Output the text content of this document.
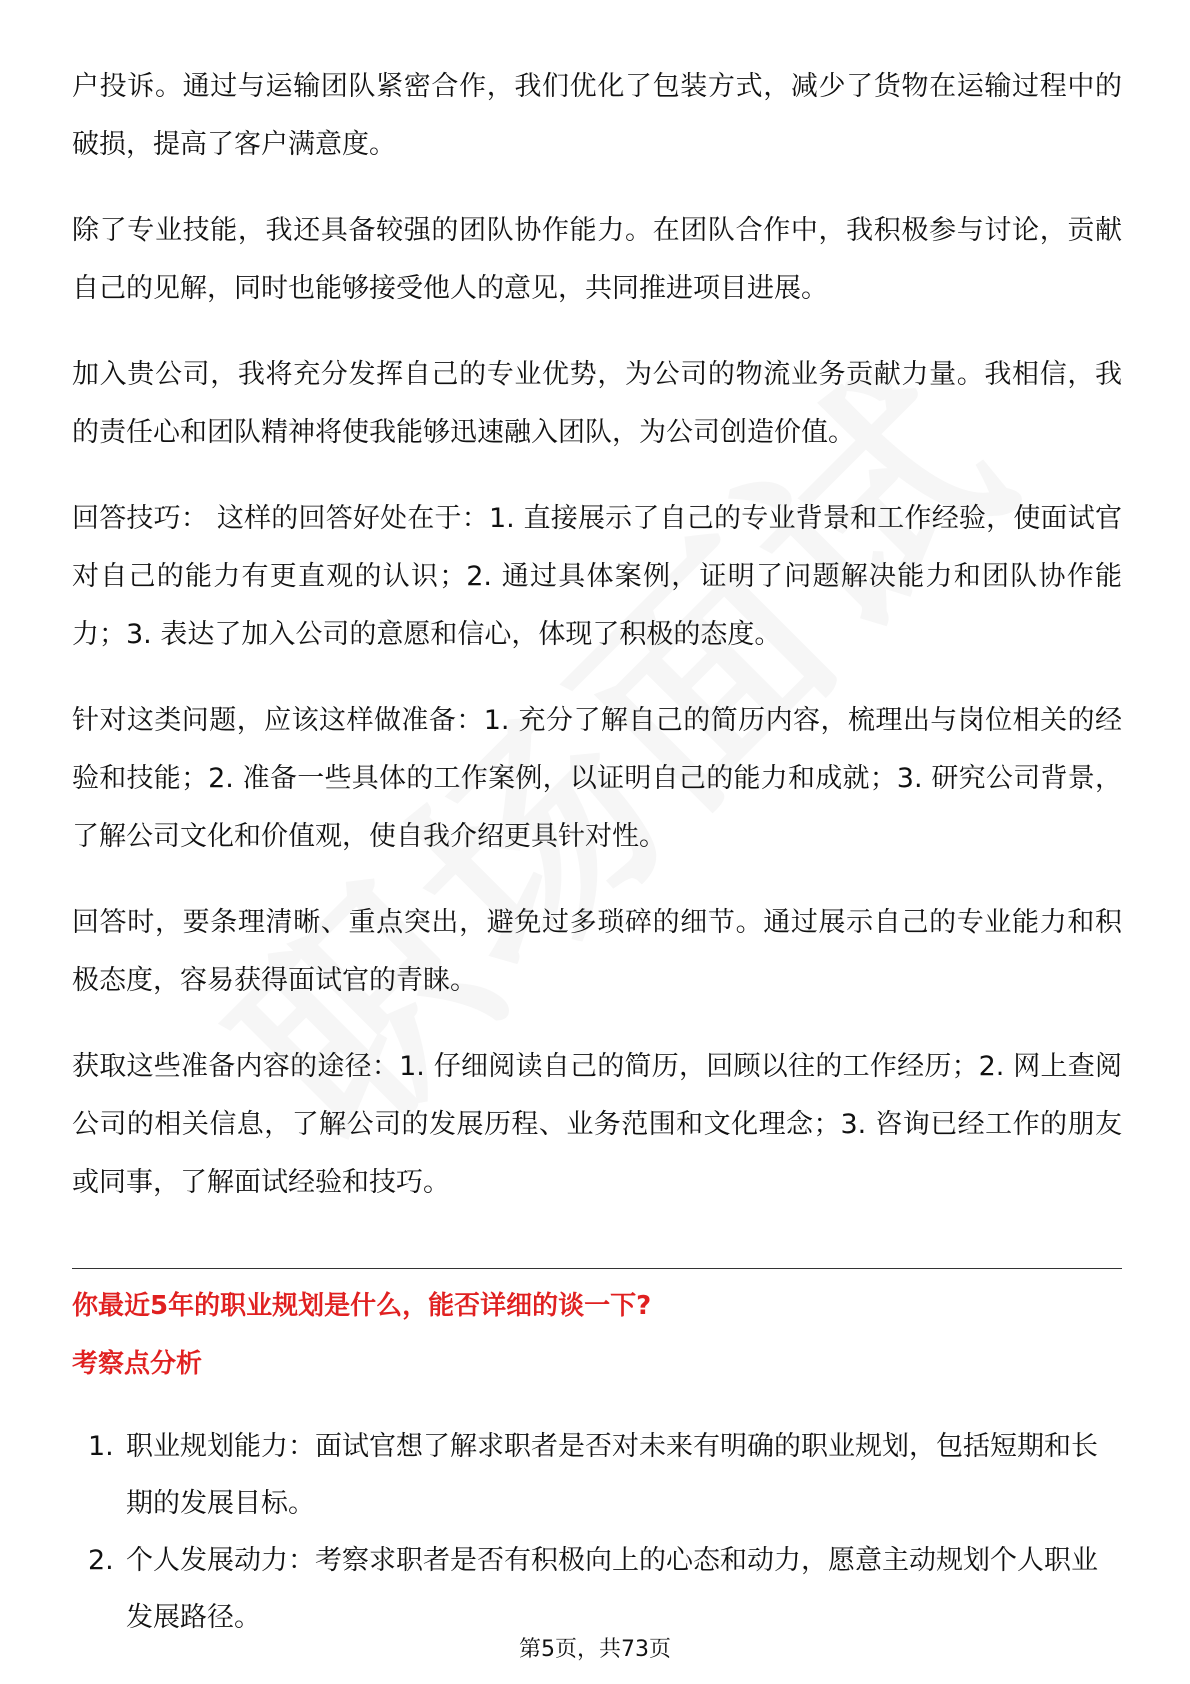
户投诉。通过与运输团队紧密合作，我们优化了包装方式，减少了货物在运输过程中的破损，提高了客户满意度。

除了专业技能，我还具备较强的团队协作能力。在团队合作中，我积极参与讨论，贡献自己的见解，同时也能够接受他人的意见，共同推进项目进展。

加入贵公司，我将充分发挥自己的专业优势，为公司的物流业务贡献力量。我相信，我的责任心和团队精神将使我能够迅速融入团队，为公司创造价值。

回答技巧： 这样的回答好处在于：1. 直接展示了自己的专业背景和工作经验，使面试官对自己的能力有更直观的认识；2. 通过具体案例，证明了问题解决能力和团队协作能力；3. 表达了加入公司的意愿和信心，体现了积极的态度。

针对这类问题，应该这样做准备：1. 充分了解自己的简历内容，梳理出与岗位相关的经验和技能；2. 准备一些具体的工作案例，以证明自己的能力和成就；3. 研究公司背景，了解公司文化和价值观，使自我介绍更具针对性。

回答时，要条理清晰、重点突出，避免过多琐碎的细节。通过展示自己的专业能力和积极态度，容易获得面试官的青睐。

获取这些准备内容的途径：1. 仔细阅读自己的简历，回顾以往的工作经历；2. 网上查阅公司的相关信息，了解公司的发展历程、业务范围和文化理念；3. 咨询已经工作的朋友或同事，了解面试经验和技巧。

你最近5年的职业规划是什么，能否详细的谈一下?
考察点分析
1. 职业规划能力：面试官想了解求职者是否对未来有明确的职业规划，包括短期和长期的发展目标。
2. 个人发展动力：考察求职者是否有积极向上的心态和动力，愿意主动规划个人职业发展路径。
第5页，共73页
